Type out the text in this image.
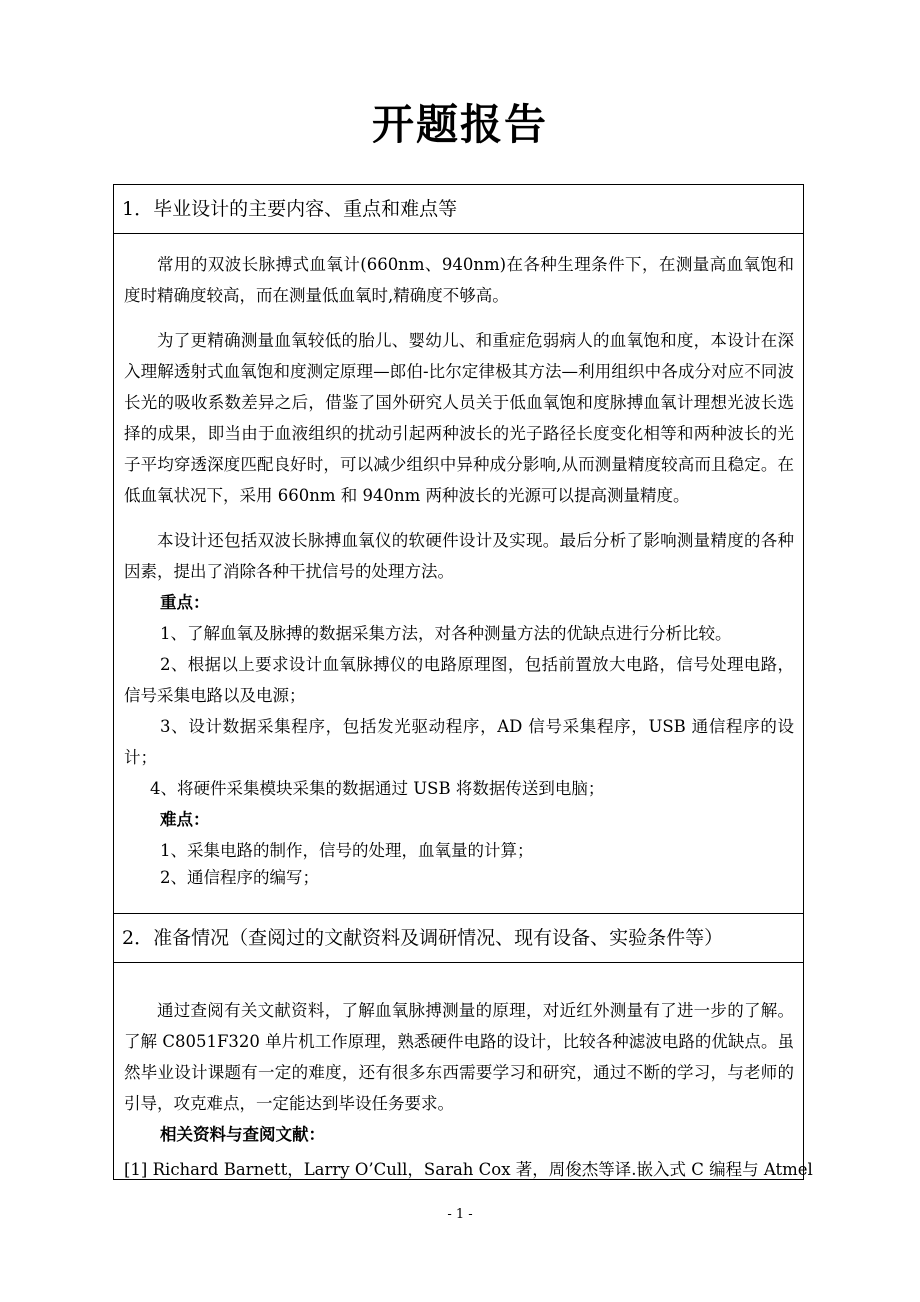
开题报告
1．毕业设计的主要内容、重点和难点等

常用的双波长脉搏式血氧计(660nm、940nm)在各种生理条件下，在测量高血氧饱和度时精确度较高，而在测量低血氧时,精确度不够高。

为了更精确测量血氧较低的胎儿、婴幼儿、和重症危弱病人的血氧饱和度，本设计在深入理解透射式血氧饱和度测定原理—郎伯-比尔定律极其方法—利用组织中各成分对应不同波长光的吸收系数差异之后，借鉴了国外研究人员关于低血氧饱和度脉搏血氧计理想光波长选择的成果，即当由于血液组织的扰动引起两种波长的光子路径长度变化相等和两种波长的光子平均穿透深度匹配良好时，可以减少组织中异种成分影响,从而测量精度较高而且稳定。在低血氧状况下，采用 660nm 和 940nm 两种波长的光源可以提高测量精度。

本设计还包括双波长脉搏血氧仪的软硬件设计及实现。最后分析了影响测量精度的各种因素，提出了消除各种干扰信号的处理方法。

重点：

1、了解血氧及脉搏的数据采集方法，对各种测量方法的优缺点进行分析比较。

2、根据以上要求设计血氧脉搏仪的电路原理图，包括前置放大电路，信号处理电路，信号采集电路以及电源；

3、设计数据采集程序，包括发光驱动程序，AD 信号采集程序，USB 通信程序的设计；

4、将硬件采集模块采集的数据通过 USB 将数据传送到电脑；

难点：

1、采集电路的制作，信号的处理，血氧量的计算；

2、通信程序的编写；

2．准备情况（查阅过的文献资料及调研情况、现有设备、实验条件等）

通过查阅有关文献资料，了解血氧脉搏测量的原理，对近红外测量有了进一步的了解。了解 C8051F320 单片机工作原理，熟悉硬件电路的设计，比较各种滤波电路的优缺点。虽然毕业设计课题有一定的难度，还有很多东西需要学习和研究，通过不断的学习，与老师的引导，攻克难点，一定能达到毕设任务要求。

相关资料与查阅文献：

[1] Richard Barnett，Larry O’Cull，Sarah Cox 著，周俊杰等译.嵌入式 C 编程与 Atmel

- 1 -
